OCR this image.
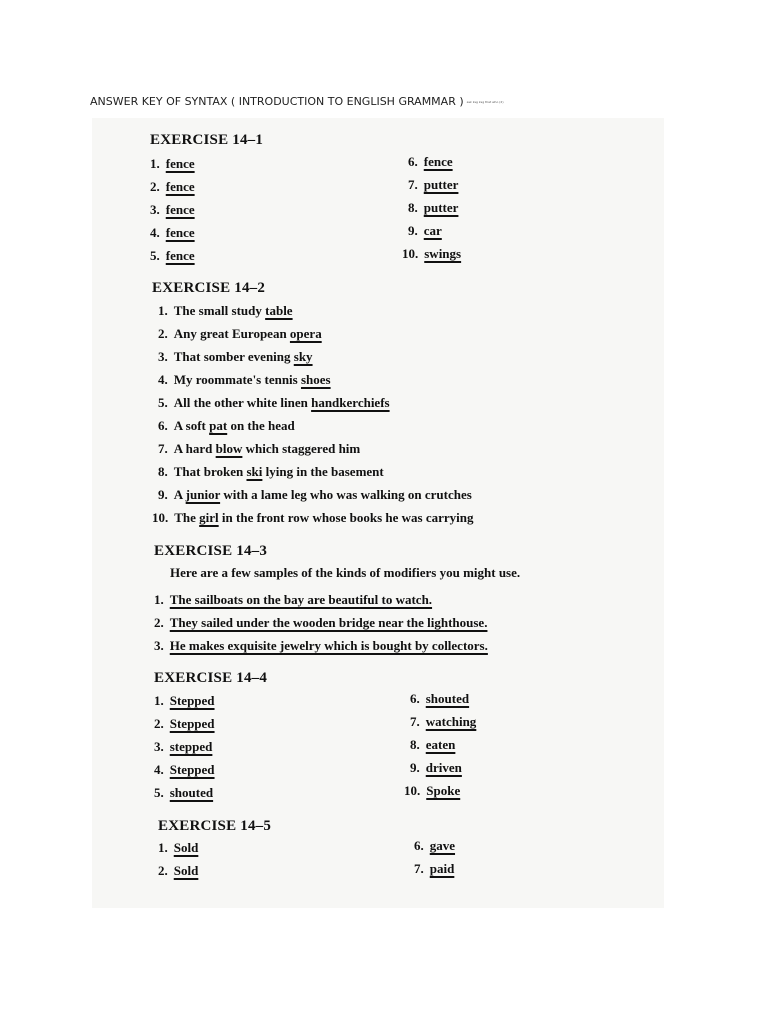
ANSWER KEY OF SYNTAX ( INTRODUCTION TO ENGLISH GRAMMAR ) ask ksg ksg that who (2)
EXERCISE 14–1
1. fence
2. fence
3. fence
4. fence
5. fence
6. fence
7. putter
8. putter
9. car
10. swings
EXERCISE 14–2
1. The small study table
2. Any great European opera
3. That somber evening sky
4. My roommate's tennis shoes
5. All the other white linen handkerchiefs
6. A soft pat on the head
7. A hard blow which staggered him
8. That broken ski lying in the basement
9. A junior with a lame leg who was walking on crutches
10. The girl in the front row whose books he was carrying
EXERCISE 14–3
Here are a few samples of the kinds of modifiers you might use.
1. The sailboats on the bay are beautiful to watch.
2. They sailed under the wooden bridge near the lighthouse.
3. He makes exquisite jewelry which is bought by collectors.
EXERCISE 14–4
1. Stepped
2. Stepped
3. stepped
4. Stepped
5. shouted
6. shouted
7. watching
8. eaten
9. driven
10. Spoke
EXERCISE 14–5
1. Sold
2. Sold
6. gave
7. paid
